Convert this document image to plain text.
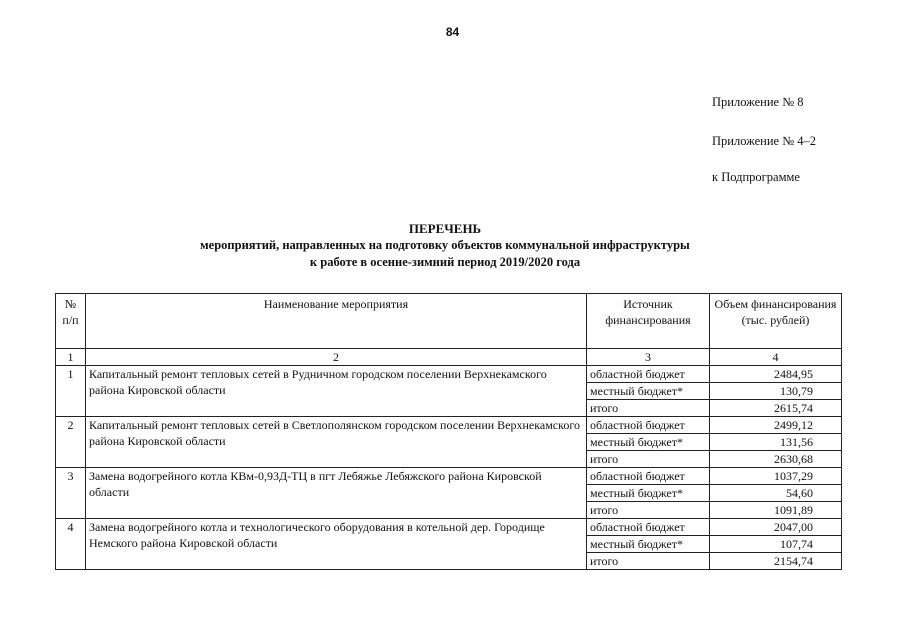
84
Приложение № 8
Приложение № 4–2
к Подпрограмме
ПЕРЕЧЕНЬ
мероприятий, направленных на подготовку объектов коммунальной инфраструктуры
к работе в осенне-зимний период 2019/2020 года
№ п/п	Наименование мероприятия	Источник финансирования	Объем финансирования (тыс. рублей)
1	2	3	4
1	Капитальный ремонт тепловых сетей в Рудничном городском поселении Верхнекамского района Кировской области	областной бюджет	2484,95
		местный бюджет*	130,79
		итого	2615,74
2	Капитальный ремонт тепловых сетей в Светлополянском городском поселении Верхнекамского района Кировской области	областной бюджет	2499,12
		местный бюджет*	131,56
		итого	2630,68
3	Замена водогрейного котла КВм-0,93Д-ТЦ в пгт Лебяжье Лебяжского района Кировской области	областной бюджет	1037,29
		местный бюджет*	54,60
		итого	1091,89
4	Замена водогрейного котла и технологического оборудования в котельной дер. Городище Немского района Кировской области	областной бюджет	2047,00
		местный бюджет*	107,74
		итого	2154,74
